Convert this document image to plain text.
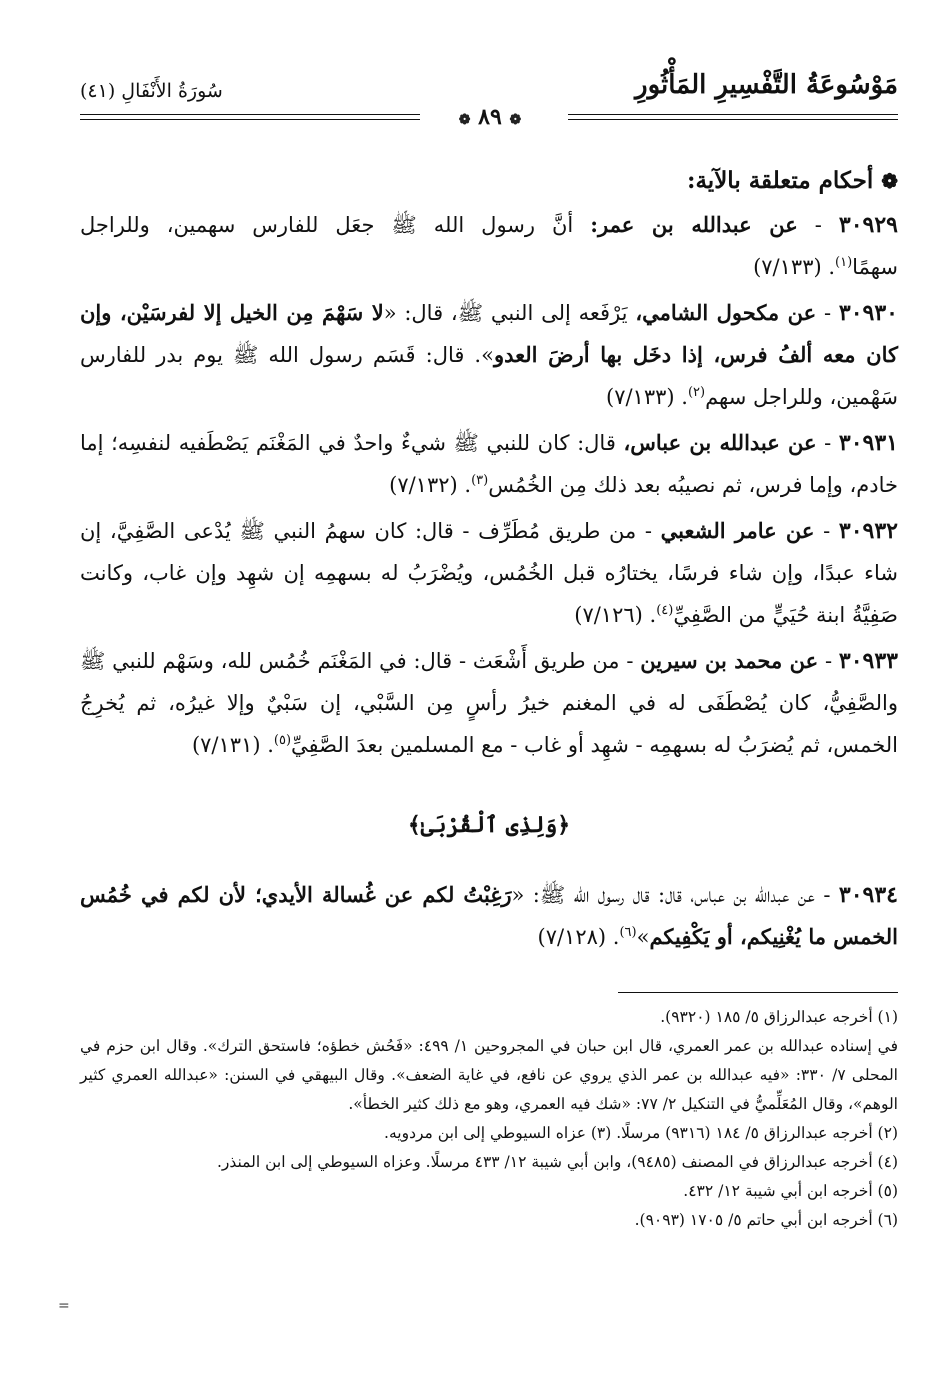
مَوْسُوعَةُ التَّفْسِيرِ المَأْثُورِ
سُورَةُ الأَنْفَالِ (٤١)
❁ ٨٩ ❁
❁أحكام متعلقة بالآية:

٣٠٩٢٩ - عن عبدالله بن عمر: أنَّ رسول الله ﷺ جعَل للفارس سهمين، وللراجل سهمًا$^{(١)}$. (٧/١٣٣)

٣٠٩٣٠ - عن مكحول الشامي، يَرْفَعه إلى النبي ﷺ، قال: «لا سَهْمَ مِن الخيل إلا لفرسَيْن، وإن كان معه ألفُ فرس، إذا دخَل بها أرضَ العدو». قال: قَسَم رسول الله ﷺ يوم بدر للفارس سَهْمين، وللراجل سهم$^{(٢)}$. (٧/١٣٣)

٣٠٩٣١ - عن عبدالله بن عباس، قال: كان للنبي ﷺ شيءٌ واحدٌ في المَغْنَم يَصْطَفيه لنفسِه؛ إما خادم، وإما فرس، ثم نصيبُه بعد ذلك مِن الخُمُس$^{(٣)}$. (٧/١٣٢)

٣٠٩٣٢ - عن عامر الشعبي - من طريق مُطَرِّف - قال: كان سهمُ النبي ﷺ يُدْعى الصَّفِيَّ، إن شاء عبدًا، وإن شاء فرسًا، يختارُه قبل الخُمُس، ويُضْرَبُ له بسهمِه إن شهِد وإن غاب، وكانت صَفِيَّةُ ابنة حُيَيٍّ من الصَّفِيِّ$^{(٤)}$. (٧/١٢٦)

٣٠٩٣٣ - عن محمد بن سيرين - من طريق أَشْعَث - قال: في المَغْنَم خُمُس لله، وسَهْم للنبي ﷺ والصَّفِيُّ، كان يُصْطَفَى له في المغنم خيرُ رأسٍ مِن السَّبْي، إن سَبْيٌ وإلا غيرُه، ثم يُخرِجُ الخمس، ثم يُضرَبُ له بسهمِه - شهِد أو غاب - مع المسلمين بعدَ الصَّفِيِّ$^{(٥)}$. (٧/١٣١)

﴿وَلِذِى ٱلْقُرْبَىٰ﴾

٣٠٩٣٤ - عن عبدالله بن عباس، قال: قال رسول الله ﷺ: «رَغِبْتُ لكم عن غُسالة الأيدي؛ لأن لكم في خُمُس الخمس ما يُغْنِيكم، أو يَكْفِيكم»$^{(٦)}$. (٧/١٢٨)

(١) أخرجه عبدالرزاق ٥/ ١٨٥ (٩٣٢٠).

في إسناده عبدالله بن عمر العمري، قال ابن حبان في المجروحين ١/ ٤٩٩: «فَحُش خطؤه؛ فاستحق الترك». وقال ابن حزم في المحلى ٧/ ٣٣٠: «فيه عبدالله بن عمر الذي يروي عن نافع، في غاية الضعف». وقال البيهقي في السنن: «عبدالله العمري كثير الوهم»، وقال المُعَلِّميُّ في التنكيل ٢/ ٧٧: «شك فيه العمري، وهو مع ذلك كثير الخطأ».

(٢) أخرجه عبدالرزاق ٥/ ١٨٤ (٩٣١٦) مرسلًا. (٣) عزاه السيوطي إلى ابن مردويه.

(٤) أخرجه عبدالرزاق في المصنف (٩٤٨٥)، وابن أبي شيبة ١٢/ ٤٣٣ مرسلًا. وعزاه السيوطي إلى ابن المنذر.

(٥) أخرجه ابن أبي شيبة ١٢/ ٤٣٢.

(٦) أخرجه ابن أبي حاتم ٥/ ١٧٠٥ (٩٠٩٣).

=
